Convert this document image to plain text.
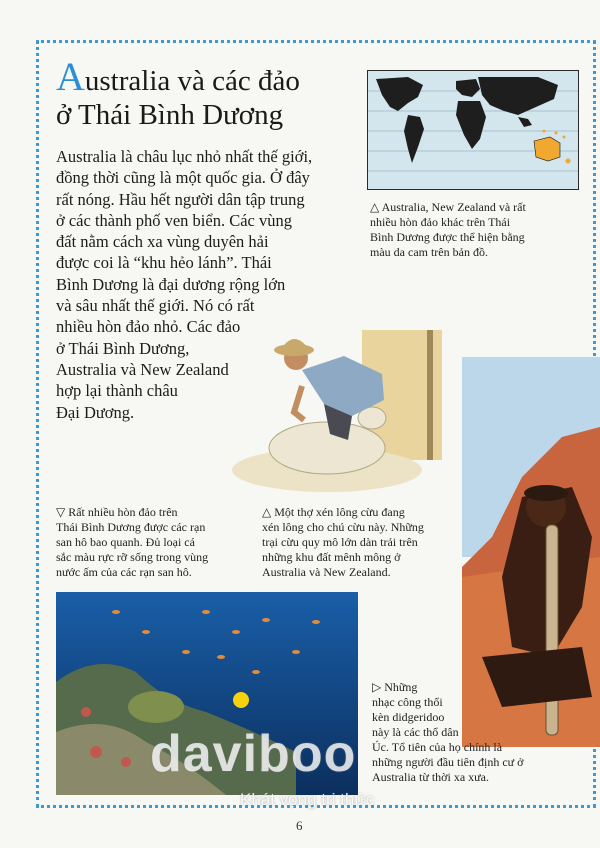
Australia và các đảo
ở Thái Bình Dương
Australia là châu lục nhỏ nhất thế giới,
đồng thời cũng là một quốc gia. Ở đây
rất nóng. Hầu hết người dân tập trung
ở các thành phố ven biển. Các vùng
đất nằm cách xa vùng duyên hải
được coi là “khu hẻo lánh”. Thái
Bình Dương là đại dương rộng lớn
và sâu nhất thế giới. Nó có rất
nhiều hòn đảo nhỏ. Các đảo
ở Thái Bình Dương,
Australia và New Zealand
hợp lại thành châu
Đại Dương.
△ Australia, New Zealand và rất
nhiều hòn đảo khác trên Thái
Bình Dương được thể hiện bằng
màu da cam trên bản đồ.
△ Một thợ xén lông cừu đang
xén lông cho chú cừu này. Những
trại cừu quy mô lớn dàn trải trên
những khu đất mênh mông ở
Australia và New Zealand.
▽ Rất nhiều hòn đảo trên
Thái Bình Dương được các rạn
san hô bao quanh. Đủ loại cá
sắc màu rực rỡ sống trong vùng
nước ấm của các rạn san hô.
▷ Những
nhạc công thổi
kèn didgeridoo
này là các thổ dân
Úc. Tổ tiên của họ chính là
những người đầu tiên định cư ở
Australia từ thời xa xưa.
daviboo
Khát vọng tri thức
6
